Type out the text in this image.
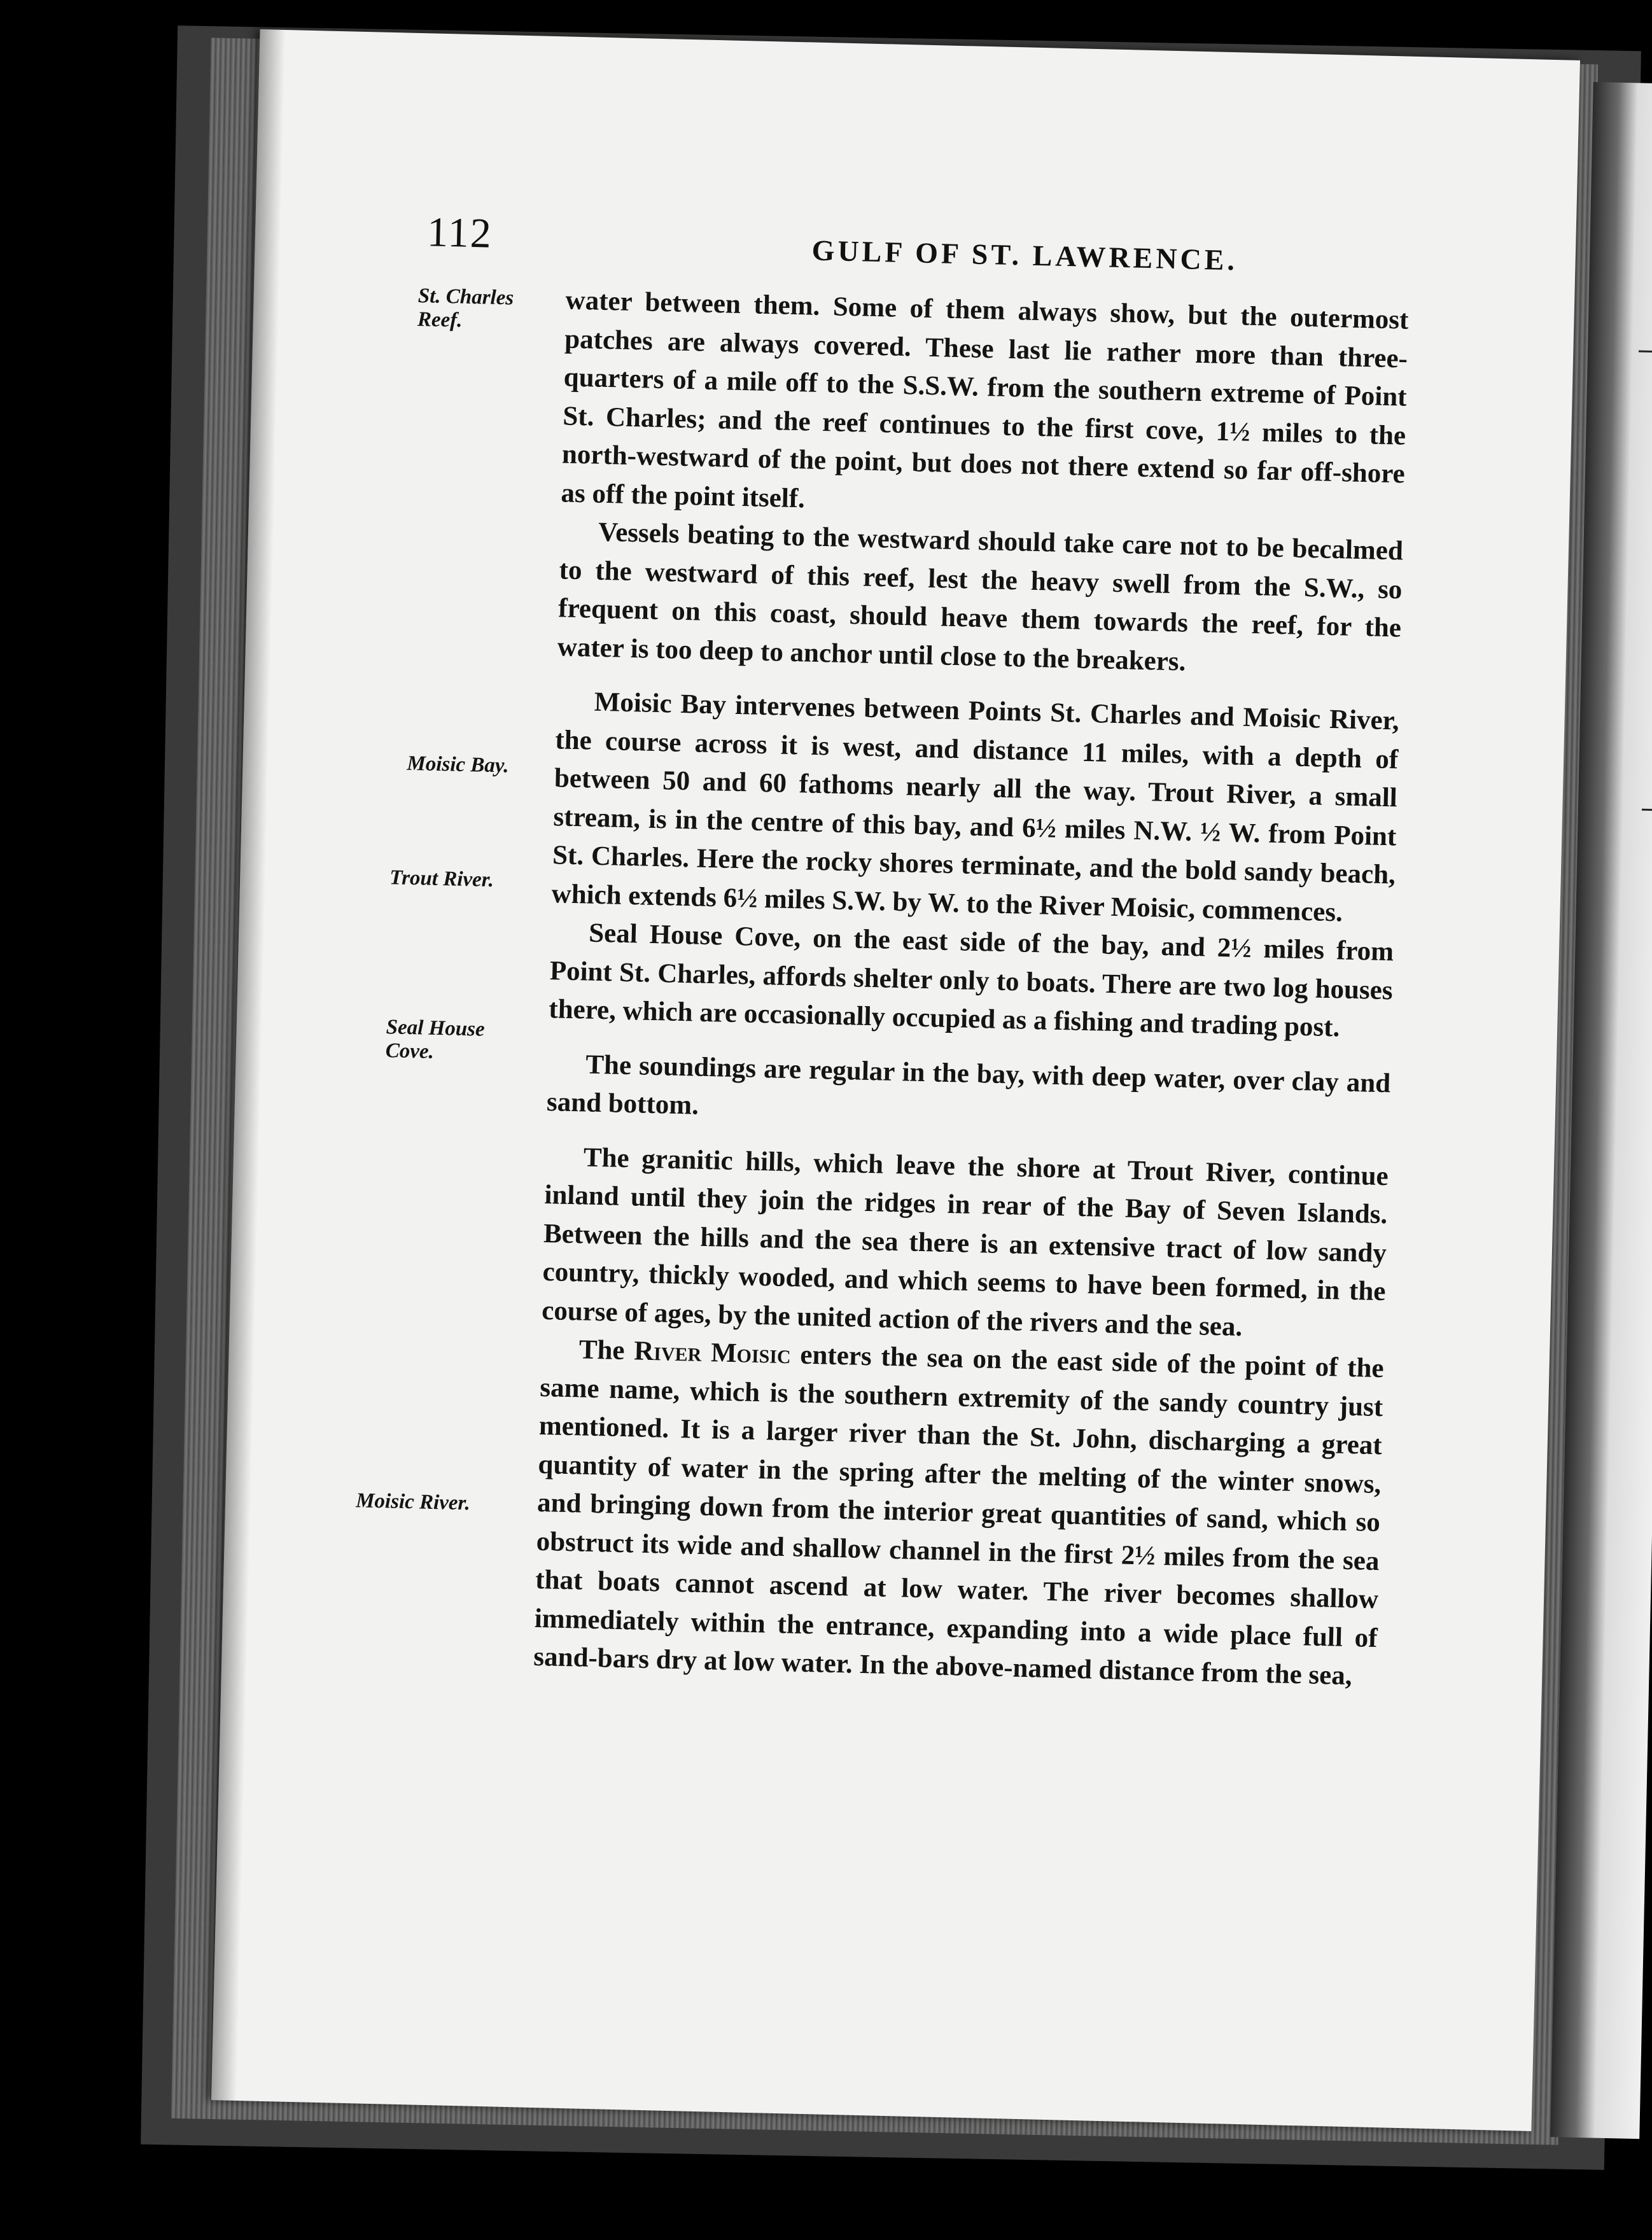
112	GULF OF ST. LAWRENCE.
St. Charles Reef.
Moisic Bay.
Trout River.
Seal House Cove.
Moisic River.

water between them. Some of them always show, but the outermost patches are always covered. These last lie rather more than three-quarters of a mile off to the S.S.W. from the southern extreme of Point St. Charles; and the reef continues to the first cove, 1½ miles to the north-westward of the point, but does not there extend so far off-shore as off the point itself.

Vessels beating to the westward should take care not to be becalmed to the westward of this reef, lest the heavy swell from the S.W., so frequent on this coast, should heave them towards the reef, for the water is too deep to anchor until close to the breakers.

Moisic Bay intervenes between Points St. Charles and Moisic River, the course across it is west, and distance 11 miles, with a depth of between 50 and 60 fathoms nearly all the way. Trout River, a small stream, is in the centre of this bay, and 6½ miles N.W. ½ W. from Point St. Charles. Here the rocky shores terminate, and the bold sandy beach, which extends 6½ miles S.W. by W. to the River Moisic, commences.

Seal House Cove, on the east side of the bay, and 2½ miles from Point St. Charles, affords shelter only to boats. There are two log houses there, which are occasionally occupied as a fishing and trading post.

The soundings are regular in the bay, with deep water, over clay and sand bottom.

The granitic hills, which leave the shore at Trout River, continue inland until they join the ridges in rear of the Bay of Seven Islands. Between the hills and the sea there is an extensive tract of low sandy country, thickly wooded, and which seems to have been formed, in the course of ages, by the united action of the rivers and the sea.

The River Moisic enters the sea on the east side of the point of the same name, which is the southern extremity of the sandy country just mentioned. It is a larger river than the St. John, discharging a great quantity of water in the spring after the melting of the winter snows, and bringing down from the interior great quantities of sand, which so obstruct its wide and shallow channel in the first 2½ miles from the sea that boats cannot ascend at low water. The river becomes shallow immediately within the entrance, expanding into a wide place full of sand-bars dry at low water. In the above-named distance from the sea,
